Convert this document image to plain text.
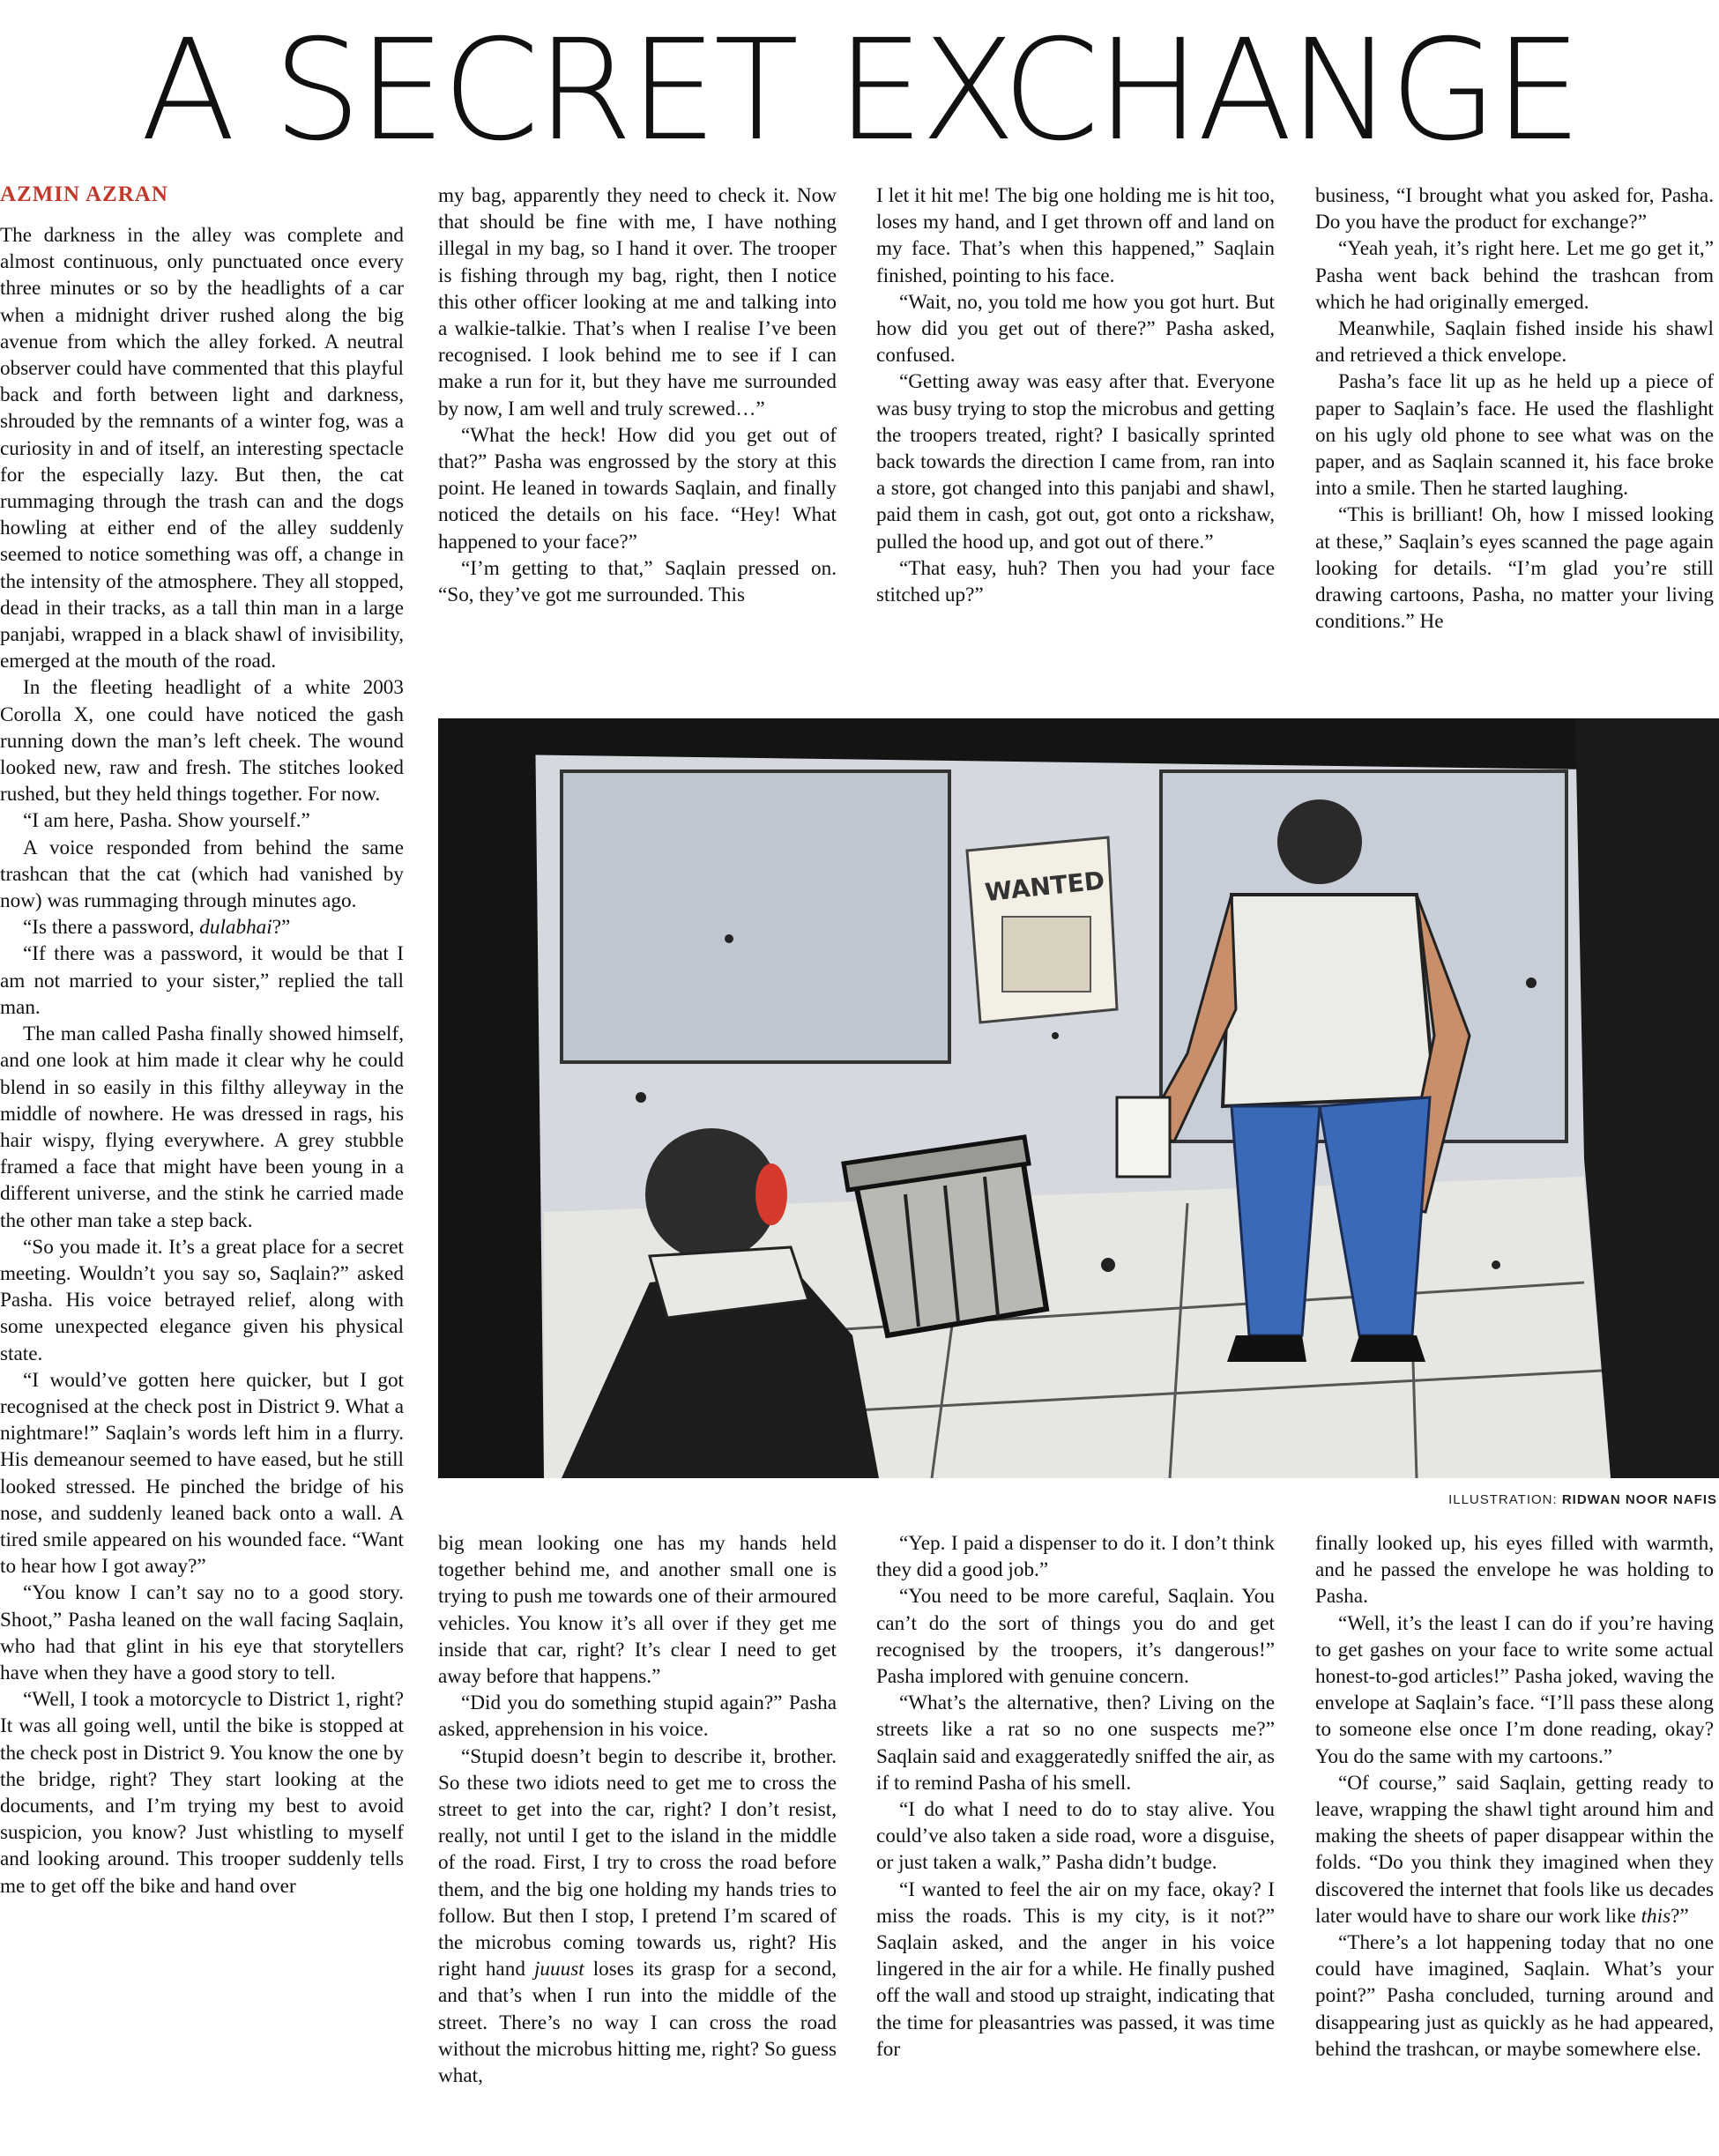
A SECRET EXCHANGE
AZMIN AZRAN

The darkness in the alley was complete and almost continuous, only punctuated once every three minutes or so by the headlights of a car when a midnight driver rushed along the big avenue from which the alley forked. A neutral observer could have commented that this playful back and forth between light and darkness, shrouded by the remnants of a winter fog, was a curiosity in and of itself, an interesting spectacle for the especially lazy. But then, the cat rummaging through the trash can and the dogs howling at either end of the alley suddenly seemed to notice something was off, a change in the intensity of the atmosphere. They all stopped, dead in their tracks, as a tall thin man in a large panjabi, wrapped in a black shawl of invisibility, emerged at the mouth of the road.

In the fleeting headlight of a white 2003 Corolla X, one could have noticed the gash running down the man’s left cheek. The wound looked new, raw and fresh. The stitches looked rushed, but they held things together. For now.

“I am here, Pasha. Show yourself.”

A voice responded from behind the same trashcan that the cat (which had vanished by now) was rummaging through minutes ago.

“Is there a password, dulabhai?”

“If there was a password, it would be that I am not married to your sister,” replied the tall man.

The man called Pasha finally showed himself, and one look at him made it clear why he could blend in so easily in this filthy alleyway in the middle of nowhere. He was dressed in rags, his hair wispy, flying everywhere. A grey stubble framed a face that might have been young in a different universe, and the stink he carried made the other man take a step back.

“So you made it. It’s a great place for a secret meeting. Wouldn’t you say so, Saqlain?” asked Pasha. His voice betrayed relief, along with some unexpected elegance given his physical state.

“I would’ve gotten here quicker, but I got recognised at the check post in District 9. What a nightmare!” Saqlain’s words left him in a flurry. His demeanour seemed to have eased, but he still looked stressed. He pinched the bridge of his nose, and suddenly leaned back onto a wall. A tired smile appeared on his wounded face. “Want to hear how I got away?”

“You know I can’t say no to a good story. Shoot,” Pasha leaned on the wall facing Saqlain, who had that glint in his eye that storytellers have when they have a good story to tell.

“Well, I took a motorcycle to District 1, right? It was all going well, until the bike is stopped at the check post in District 9. You know the one by the bridge, right? They start looking at the documents, and I’m trying my best to avoid suspicion, you know? Just whistling to myself and looking around. This trooper suddenly tells me to get off the bike and hand over

my bag, apparently they need to check it. Now that should be fine with me, I have nothing illegal in my bag, so I hand it over. The trooper is fishing through my bag, right, then I notice this other officer looking at me and talking into a walkie-talkie. That’s when I realise I’ve been recognised. I look behind me to see if I can make a run for it, but they have me surrounded by now, I am well and truly screwed…”

“What the heck! How did you get out of that?” Pasha was engrossed by the story at this point. He leaned in towards Saqlain, and finally noticed the details on his face. “Hey! What happened to your face?”

“I’m getting to that,” Saqlain pressed on. “So, they’ve got me surrounded. This

I let it hit me! The big one holding me is hit too, loses my hand, and I get thrown off and land on my face. That’s when this happened,” Saqlain finished, pointing to his face.

“Wait, no, you told me how you got hurt. But how did you get out of there?” Pasha asked, confused.

“Getting away was easy after that. Everyone was busy trying to stop the microbus and getting the troopers treated, right? I basically sprinted back towards the direction I came from, ran into a store, got changed into this panjabi and shawl, paid them in cash, got out, got onto a rickshaw, pulled the hood up, and got out of there.”

“That easy, huh? Then you had your face stitched up?”

business, “I brought what you asked for, Pasha. Do you have the product for exchange?”

“Yeah yeah, it’s right here. Let me go get it,” Pasha went back behind the trashcan from which he had originally emerged.

Meanwhile, Saqlain fished inside his shawl and retrieved a thick envelope.

Pasha’s face lit up as he held up a piece of paper to Saqlain’s face. He used the flashlight on his ugly old phone to see what was on the paper, and as Saqlain scanned it, his face broke into a smile. Then he started laughing.

“This is brilliant! Oh, how I missed looking at these,” Saqlain’s eyes scanned the page again looking for details. “I’m glad you’re still drawing cartoons, Pasha, no matter your living conditions.” He

WANTED
ILLUSTRATION: RIDWAN NOOR NAFIS

big mean looking one has my hands held together behind me, and another small one is trying to push me towards one of their armoured vehicles. You know it’s all over if they get me inside that car, right? It’s clear I need to get away before that happens.”

“Did you do something stupid again?” Pasha asked, apprehension in his voice.

“Stupid doesn’t begin to describe it, brother. So these two idiots need to get me to cross the street to get into the car, right? I don’t resist, really, not until I get to the island in the middle of the road. First, I try to cross the road before them, and the big one holding my hands tries to follow. But then I stop, I pretend I’m scared of the microbus coming towards us, right? His right hand juuust loses its grasp for a second, and that’s when I run into the middle of the street. There’s no way I can cross the road without the microbus hitting me, right? So guess what,

“Yep. I paid a dispenser to do it. I don’t think they did a good job.”

“You need to be more careful, Saqlain. You can’t do the sort of things you do and get recognised by the troopers, it’s dangerous!” Pasha implored with genuine concern.

“What’s the alternative, then? Living on the streets like a rat so no one suspects me?” Saqlain said and exaggeratedly sniffed the air, as if to remind Pasha of his smell.

“I do what I need to do to stay alive. You could’ve also taken a side road, wore a disguise, or just taken a walk,” Pasha didn’t budge.

“I wanted to feel the air on my face, okay? I miss the roads. This is my city, is it not?” Saqlain asked, and the anger in his voice lingered in the air for a while. He finally pushed off the wall and stood up straight, indicating that the time for pleasantries was passed, it was time for

finally looked up, his eyes filled with warmth, and he passed the envelope he was holding to Pasha.

“Well, it’s the least I can do if you’re having to get gashes on your face to write some actual honest-to-god articles!” Pasha joked, waving the envelope at Saqlain’s face. “I’ll pass these along to someone else once I’m done reading, okay? You do the same with my cartoons.”

“Of course,” said Saqlain, getting ready to leave, wrapping the shawl tight around him and making the sheets of paper disappear within the folds. “Do you think they imagined when they discovered the internet that fools like us decades later would have to share our work like this?”

“There’s a lot happening today that no one could have imagined, Saqlain. What’s your point?” Pasha concluded, turning around and disappearing just as quickly as he had appeared, behind the trashcan, or maybe somewhere else.
